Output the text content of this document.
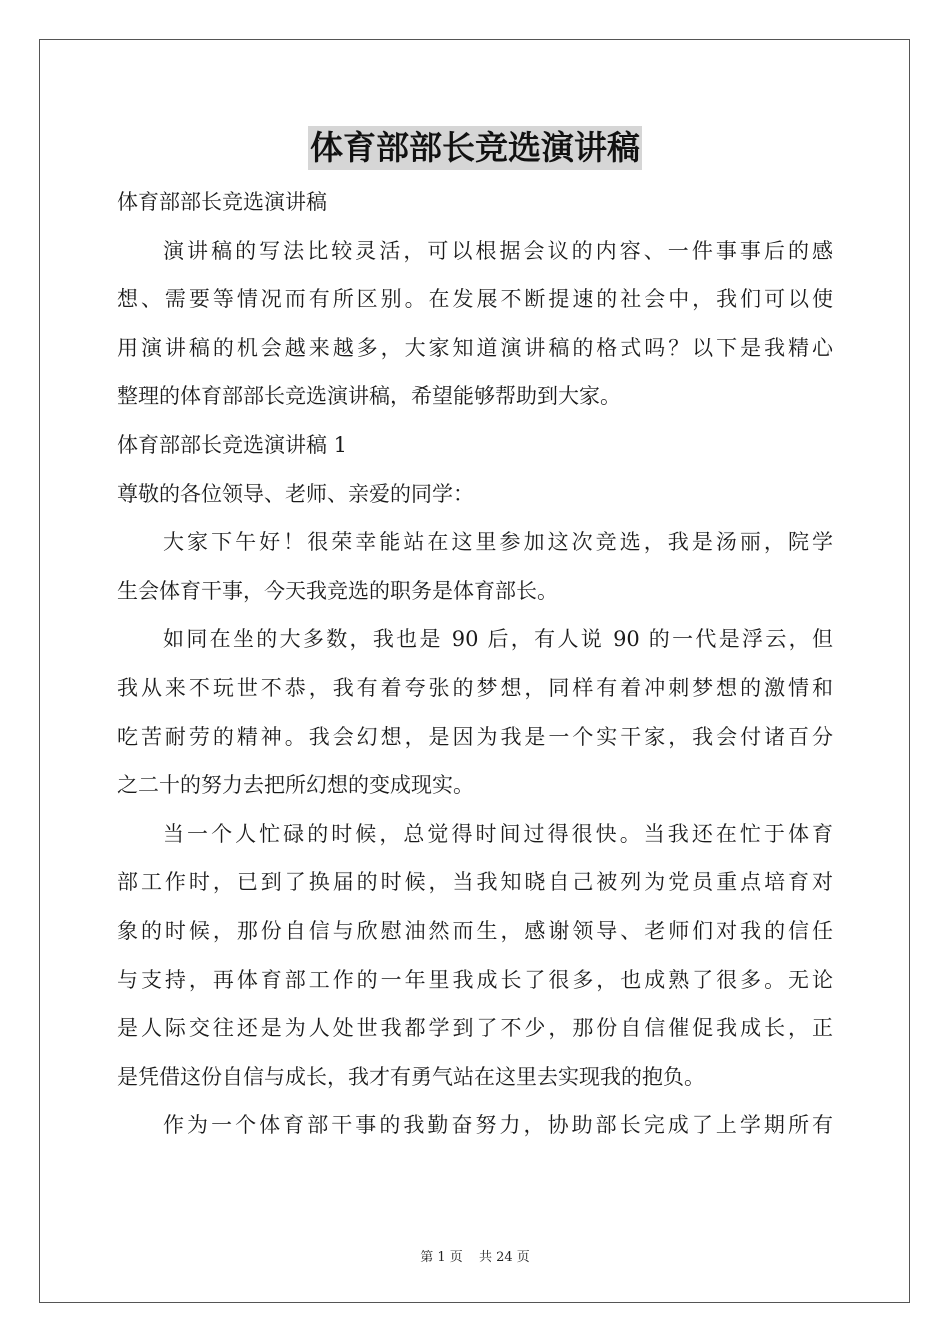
体育部部长竞选演讲稿
体育部部长竞选演讲稿
演讲稿的写法比较灵活，可以根据会议的内容、一件事事后的感
想、需要等情况而有所区别。在发展不断提速的社会中，我们可以使
用演讲稿的机会越来越多，大家知道演讲稿的格式吗？以下是我精心
整理的体育部部长竞选演讲稿，希望能够帮助到大家。
体育部部长竞选演讲稿 1
尊敬的各位领导、老师、亲爱的同学：
大家下午好！很荣幸能站在这里参加这次竞选，我是汤丽，院学
生会体育干事，今天我竞选的职务是体育部长。
如同在坐的大多数，我也是 90 后，有人说 90 的一代是浮云，但
我从来不玩世不恭，我有着夸张的梦想，同样有着冲刺梦想的激情和
吃苦耐劳的精神。我会幻想，是因为我是一个实干家，我会付诸百分
之二十的努力去把所幻想的变成现实。
当一个人忙碌的时候，总觉得时间过得很快。当我还在忙于体育
部工作时，已到了换届的时候，当我知晓自己被列为党员重点培育对
象的时候，那份自信与欣慰油然而生，感谢领导、老师们对我的信任
与支持，再体育部工作的一年里我成长了很多，也成熟了很多。无论
是人际交往还是为人处世我都学到了不少，那份自信催促我成长，正
是凭借这份自信与成长，我才有勇气站在这里去实现我的抱负。
作为一个体育部干事的我勤奋努力，协助部长完成了上学期所有
第 1 页 共 24 页
